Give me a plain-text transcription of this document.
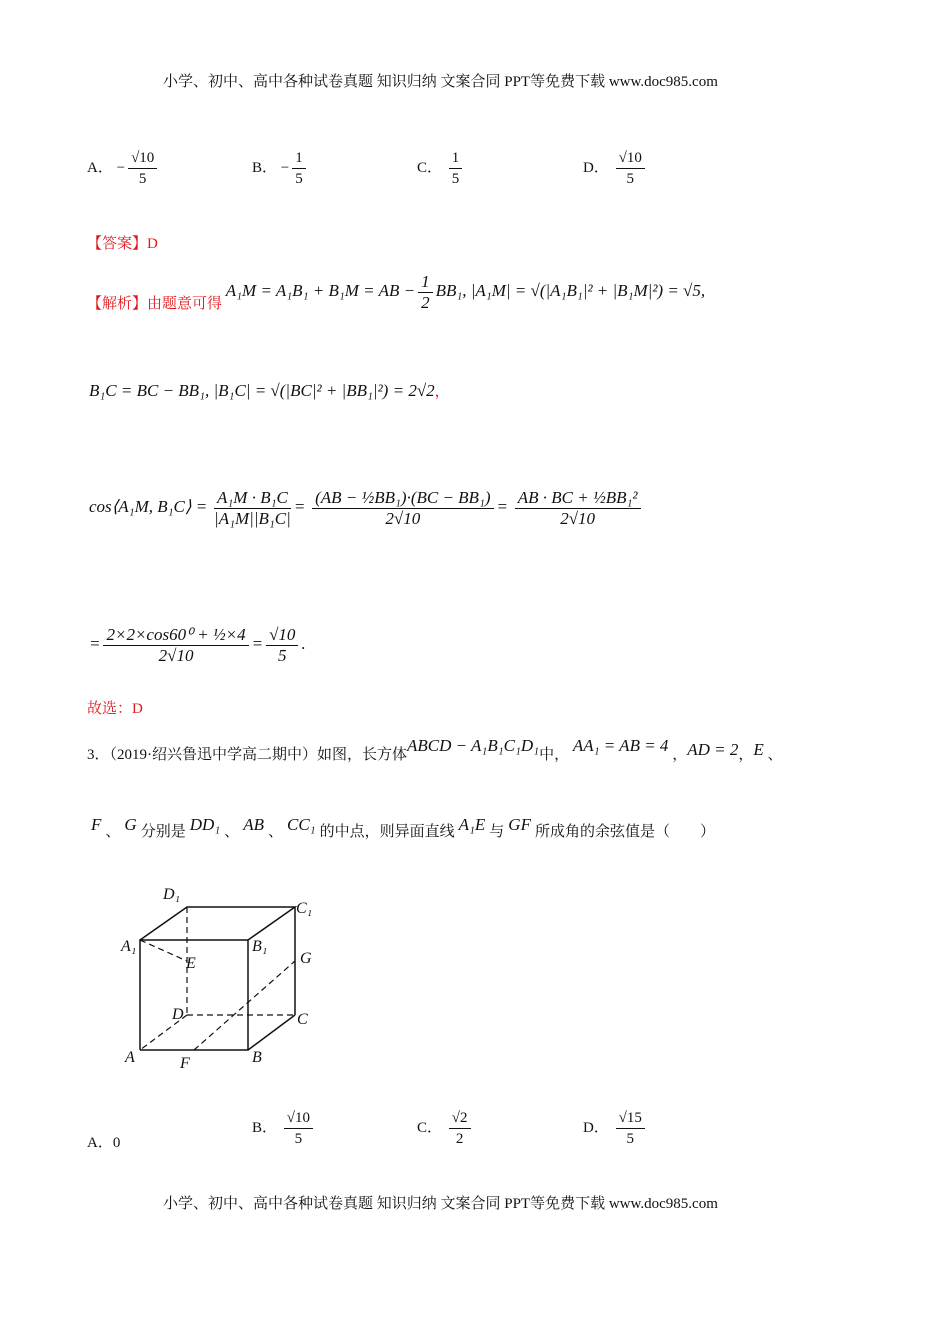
小学、初中、高中各种试卷真题 知识归纳 文案合同 PPT等免费下载 www.doc985.com
A． − $\frac{√10}{5}$	B． − $\frac{1}{5}$	C． $\frac{1}{5}$	D． $\frac{√10}{5}$
【答案】D
【解析】由题意可得 A₁M = A₁B₁ + B₁M = AB − $\frac{1}{2} BB_1$, |A₁M| = √(|A₁B₁|² + |B₁M|²) = √5,
B₁C = BC − BB₁, |B₁C| = √(|BC|² + |BB₁|²) = 2√2，
cos⟨A₁M, B₁C⟩ = $\frac{\text{A₁M · B₁C}}{\text{|A₁M||B₁C|}} = \frac{\text{(AB − ½BB₁)·(BC − BB₁)}}{2√10} = \frac{\text{AB · BC + ½BB₁²}}{2√10}$
= $\frac{\text{2×2×cos60⁰ + ½×4}}{2√10} = \frac{√10}{5}$ .
故选：D
3．（2019·绍兴鲁迅中学高二期中）如图，长方体ABCD − A₁B₁C₁D₁中， AA₁ = AB = 4 ，AD = 2，E 、
F 、 G 分别是 DD₁ 、 AB 、 CC₁ 的中点，则异面直线 A₁E 与 GF 所成角的余弦值是（　　）
A	B
C
D
A₁	B₁
C₁
D₁
E
F
G
A．0
B． $\frac{√10}{5}$	C． $\frac{√2}{2}$	D． $\frac{√15}{5}$
小学、初中、高中各种试卷真题 知识归纳 文案合同 PPT等免费下载 www.doc985.com
